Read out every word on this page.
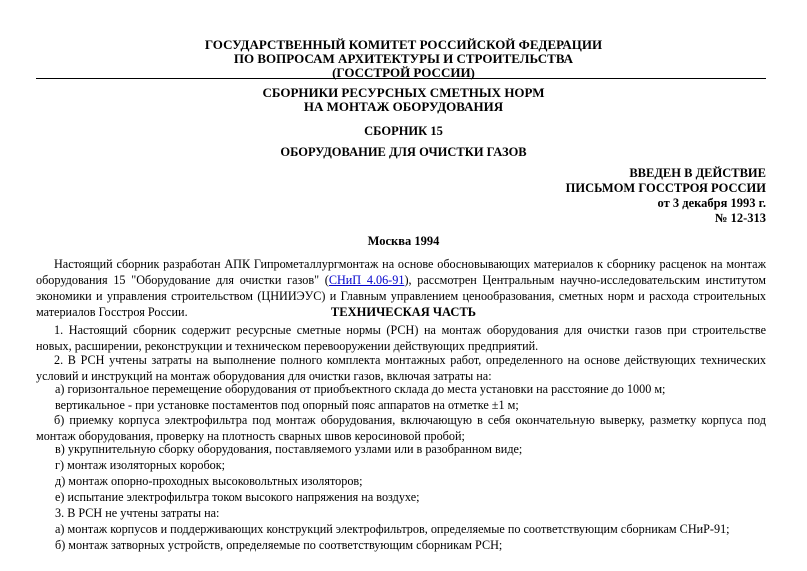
ГОСУДАРСТВЕННЫЙ КОМИТЕТ РОССИЙСКОЙ ФЕДЕРАЦИИ
ПО ВОПРОСАМ АРХИТЕКТУРЫ И СТРОИТЕЛЬСТВА
(ГОССТРОЙ РОССИИ)
СБОРНИКИ РЕСУРСНЫХ СМЕТНЫХ НОРМ
НА МОНТАЖ ОБОРУДОВАНИЯ
СБОРНИК 15
ОБОРУДОВАНИЕ ДЛЯ ОЧИСТКИ ГАЗОВ
ВВЕДЕН В ДЕЙСТВИЕ
ПИСЬМОМ ГОССТРОЯ РОССИИ
от 3 декабря 1993 г.
№ 12-313
Москва 1994
Настоящий сборник разработан АПК Гипрометаллургмонтаж на основе обосновывающих материалов к сборнику расценок на монтаж оборудования 15 "Оборудование для очистки газов" (СНиП 4.06-91), рассмотрен Центральным научно-исследовательским институтом экономики и управления строительством (ЦНИИЭУС) и Главным управлением ценообразования, сметных норм и расхода строительных материалов Госстроя России.	ТЕХНИЧЕСКАЯ ЧАСТЬ
1. Настоящий сборник содержит ресурсные сметные нормы (РСН) на монтаж оборудования для очистки газов при строительстве новых, расширении, реконструкции и техническом перевооружении действующих предприятий.
2. В РСН учтены затраты на выполнение полного комплекта монтажных работ, определенного на основе действующих технических условий и инструкций на монтаж оборудования для очистки газов, включая затраты на:
а) горизонтальное перемещение оборудования от приобъектного склада до места установки на расстояние до 1000 м;
вертикальное - при установке постаментов под опорный пояс аппаратов на отметке ±1 м;
б) приемку корпуса электрофильтра под монтаж оборудования, включающую в себя окончательную выверку, разметку корпуса под монтаж оборудования, проверку на плотность сварных швов керосиновой пробой;
в) укрупнительную сборку оборудования, поставляемого узлами или в разобранном виде;
г) монтаж изоляторных коробок;
д) монтаж опорно-проходных высоковольтных изоляторов;
е) испытание электрофильтра током высокого напряжения на воздухе;
3. В РСН не учтены затраты на:
а) монтаж корпусов и поддерживающих конструкций электрофильтров, определяемые по соответствующим сборникам СНиР-91;
б) монтаж затворных устройств, определяемые по соответствующим сборникам РСН;
